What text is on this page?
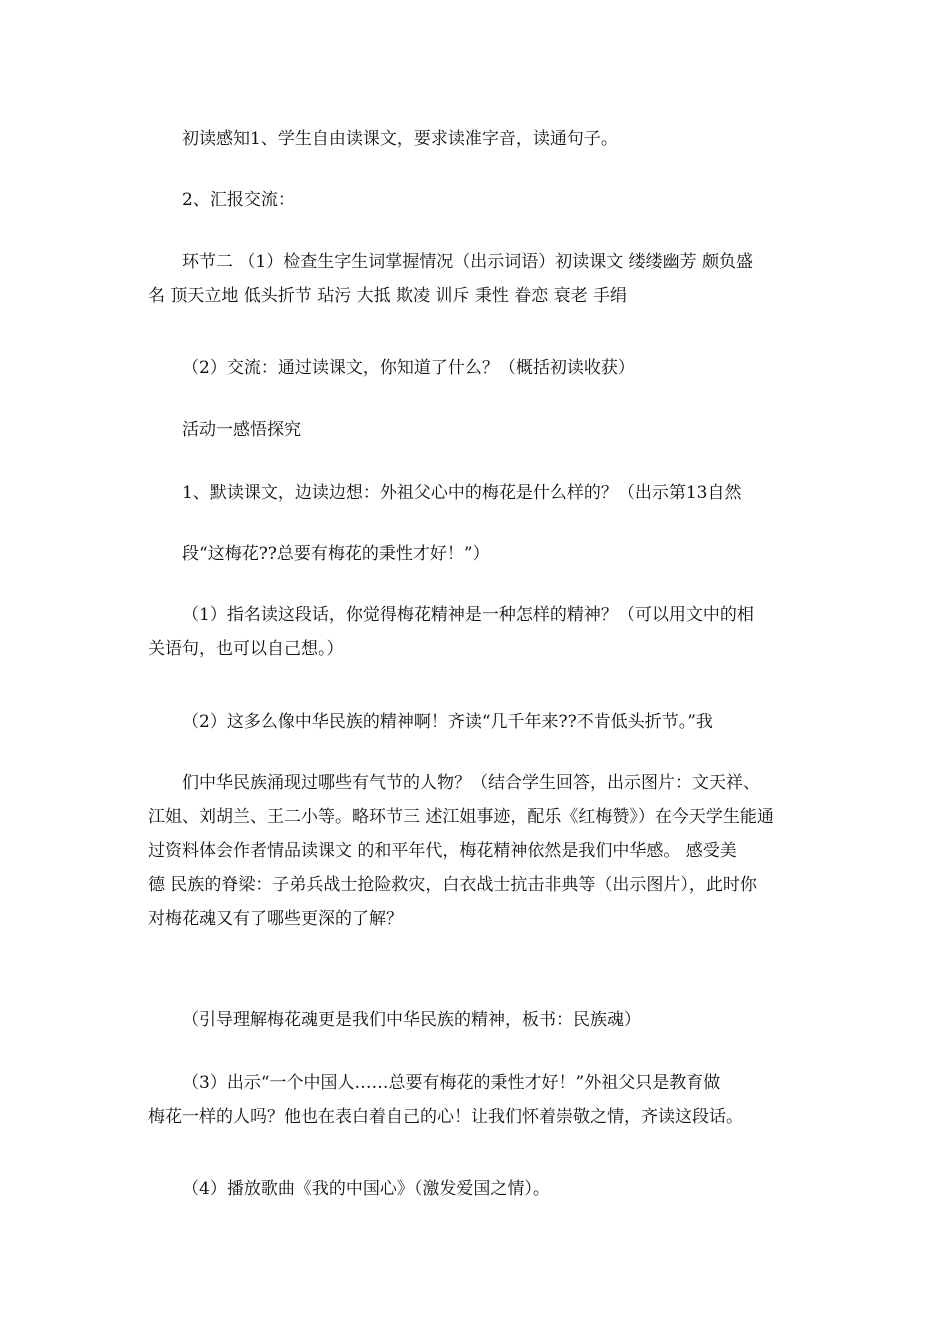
初读感知1、学生自由读课文，要求读准字音，读通句子。
2、汇报交流：
环节二 （1）检查生字生词掌握情况（出示词语）初读课文 缕缕幽芳 颇负盛
名 顶天立地 低头折节 玷污 大抵 欺凌 训斥 秉性 眷恋 衰老 手绢
（2）交流：通过读课文，你知道了什么？（概括初读收获）
活动一感悟探究
1、默读课文，边读边想：外祖父心中的梅花是什么样的？（出示第13自然
段“这梅花??总要有梅花的秉性才好！”）
（1）指名读这段话，你觉得梅花精神是一种怎样的精神？（可以用文中的相
关语句，也可以自己想。）
（2）这多么像中华民族的精神啊！齐读“几千年来??不肯低头折节。”我
们中华民族涌现过哪些有气节的人物？（结合学生回答，出示图片：文天祥、
江姐、刘胡兰、王二小等。略环节三 述江姐事迹，配乐《红梅赞》）在今天学生能通
过资料体会作者情品读课文 的和平年代，梅花精神依然是我们中华感。 感受美
德 民族的脊梁：子弟兵战士抢险救灾，白衣战士抗击非典等（出示图片），此时你
对梅花魂又有了哪些更深的了解？
（引导理解梅花魂更是我们中华民族的精神，板书：民族魂）
（3）出示“一个中国人……总要有梅花的秉性才好！”外祖父只是教育做
梅花一样的人吗？他也在表白着自己的心！让我们怀着崇敬之情，齐读这段话。
（4）播放歌曲《我的中国心》（激发爱国之情）。
